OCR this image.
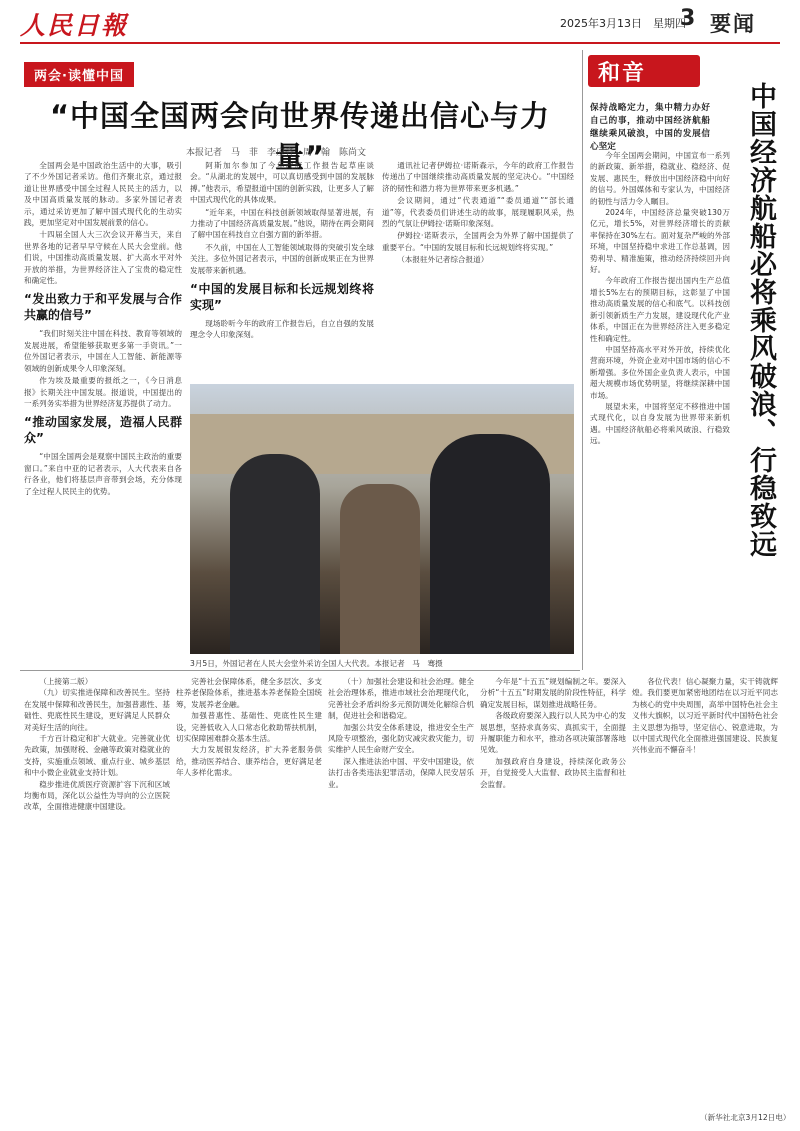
人民日報	2025年3月13日　星期四
3 要闻
两会·读懂中国
“中国全国两会向世界传递出信心与力量”
本报记者　马　菲　李应齐　周　翰　陈尚文

全国两会是中国政治生活中的大事，吸引了不少外国记者采访。他们齐聚北京，通过报道让世界感受中国全过程人民民主的活力，以及中国高质量发展的脉动。多家外国记者表示，通过采访更加了解中国式现代化的生动实践，更加坚定对中国发展前景的信心。

十四届全国人大三次会议开幕当天，来自世界各地的记者早早守候在人民大会堂前。他们说，中国推动高质量发展、扩大高水平对外开放的举措，为世界经济注入了宝贵的稳定性和确定性。

“发出致力于和平发展与合作共赢的信号”

“我们时刻关注中国在科技、教育等领域的发展进展，希望能够获取更多第一手资讯。”一位外国记者表示，中国在人工智能、新能源等领域的创新成果令人印象深刻。

作为埃及最重要的报纸之一，《今日消息报》长期关注中国发展。报道说，中国提出的一系列务实举措为世界经济复苏提供了动力。

“推动国家发展，造福人民群众”

“中国全国两会是观察中国民主政治的重要窗口。”来自中亚的记者表示，人大代表来自各行各业，他们将基层声音带到会场，充分体现了全过程人民民主的优势。

阿斯加尔参加了今年政府工作报告起草座谈会。“从湖北的发展中，可以真切感受到中国的发展脉搏。”他表示，希望报道中国的创新实践，让更多人了解中国式现代化的具体成果。

“近年来，中国在科技创新领域取得显著进展，有力推动了中国经济高质量发展。”他说，期待在两会期间了解中国在科技自立自强方面的新举措。

不久前，中国在人工智能领域取得的突破引发全球关注。多位外国记者表示，中国的创新成果正在为世界发展带来新机遇。

“中国的发展目标和长远规划终将实现”

现场聆听今年的政府工作报告后，自立自强的发展理念令人印象深刻。

通讯社记者伊姆拉·诺斯森示，今年的政府工作报告传递出了中国继续推动高质量发展的坚定决心。“中国经济的韧性和潜力将为世界带来更多机遇。”

会议期间，通过“代表通道”“委员通道”“部长通道”等，代表委员们讲述生动的故事，展现履职风采，热烈的气氛让伊姆拉·诺斯印象深刻。

伊姆拉·诺斯表示，全国两会为外界了解中国提供了重要平台。“中国的发展目标和长远规划终将实现。”

（本报驻外记者综合报道）

3月5日，外国记者在人民大会堂外采访全国人大代表。本报记者　马　骞摄
和音
保持战略定力，集中精力办好自己的事，推动中国经济航船继续乘风破浪，中国的发展信心坚定	中国经济航船必将乘风破浪、行稳致远

今年全国两会期间，中国宣布一系列的新政策、新举措，稳就业、稳经济、促发展、惠民生，释放出中国经济稳中向好的信号。外国媒体和专家认为，中国经济的韧性与活力令人瞩目。

2024年，中国经济总量突破130万亿元，增长5%，对世界经济增长的贡献率保持在30%左右。面对复杂严峻的外部环境，中国坚持稳中求进工作总基调，因势利导、精准施策，推动经济持续回升向好。

今年政府工作报告提出国内生产总值增长5%左右的预期目标，这彰显了中国推动高质量发展的信心和底气。以科技创新引领新质生产力发展，建设现代化产业体系，中国正在为世界经济注入更多稳定性和确定性。

中国坚持高水平对外开放，持续优化营商环境，外资企业对中国市场的信心不断增强。多位外国企业负责人表示，中国超大规模市场优势明显，将继续深耕中国市场。

展望未来，中国将坚定不移推进中国式现代化，以自身发展为世界带来新机遇。中国经济航船必将乘风破浪、行稳致远。

（上接第二版）

（九）切实推进保障和改善民生。坚持在发展中保障和改善民生，加强普惠性、基础性、兜底性民生建设，更好满足人民群众对美好生活的向往。

千方百计稳定和扩大就业。完善就业优先政策，加强财税、金融等政策对稳就业的支持，实施重点领域、重点行业、城乡基层和中小微企业就业支持计划。

稳步推进优质医疗资源扩容下沉和区域均衡布局，深化以公益性为导向的公立医院改革，全面推进健康中国建设。

完善社会保障体系，健全多层次、多支柱养老保险体系，推进基本养老保险全国统筹，发展养老金融。

加强普惠性、基础性、兜底性民生建设，完善低收入人口常态化救助帮扶机制，切实保障困难群众基本生活。

大力发展银发经济，扩大养老服务供给，推动医养结合、康养结合，更好满足老年人多样化需求。

（十）加强社会建设和社会治理。健全社会治理体系，推进市域社会治理现代化，完善社会矛盾纠纷多元预防调处化解综合机制，促进社会和谐稳定。

加强公共安全体系建设，推进安全生产风险专项整治，强化防灾减灾救灾能力，切实维护人民生命财产安全。

深入推进法治中国、平安中国建设，依法打击各类违法犯罪活动，保障人民安居乐业。

今年是“十五五”规划编制之年。要深入分析“十五五”时期发展的阶段性特征，科学确定发展目标，谋划推进战略任务。

各级政府要深入践行以人民为中心的发展思想，坚持求真务实、真抓实干，全面提升履职能力和水平，推动各项决策部署落地见效。

加强政府自身建设，持续深化政务公开，自觉接受人大监督、政协民主监督和社会监督。

各位代表！信心凝聚力量，实干铸就辉煌。我们要更加紧密地团结在以习近平同志为核心的党中央周围，高举中国特色社会主义伟大旗帜，以习近平新时代中国特色社会主义思想为指导，坚定信心、锐意进取，为以中国式现代化全面推进强国建设、民族复兴伟业而不懈奋斗！

（新华社北京3月12日电）
